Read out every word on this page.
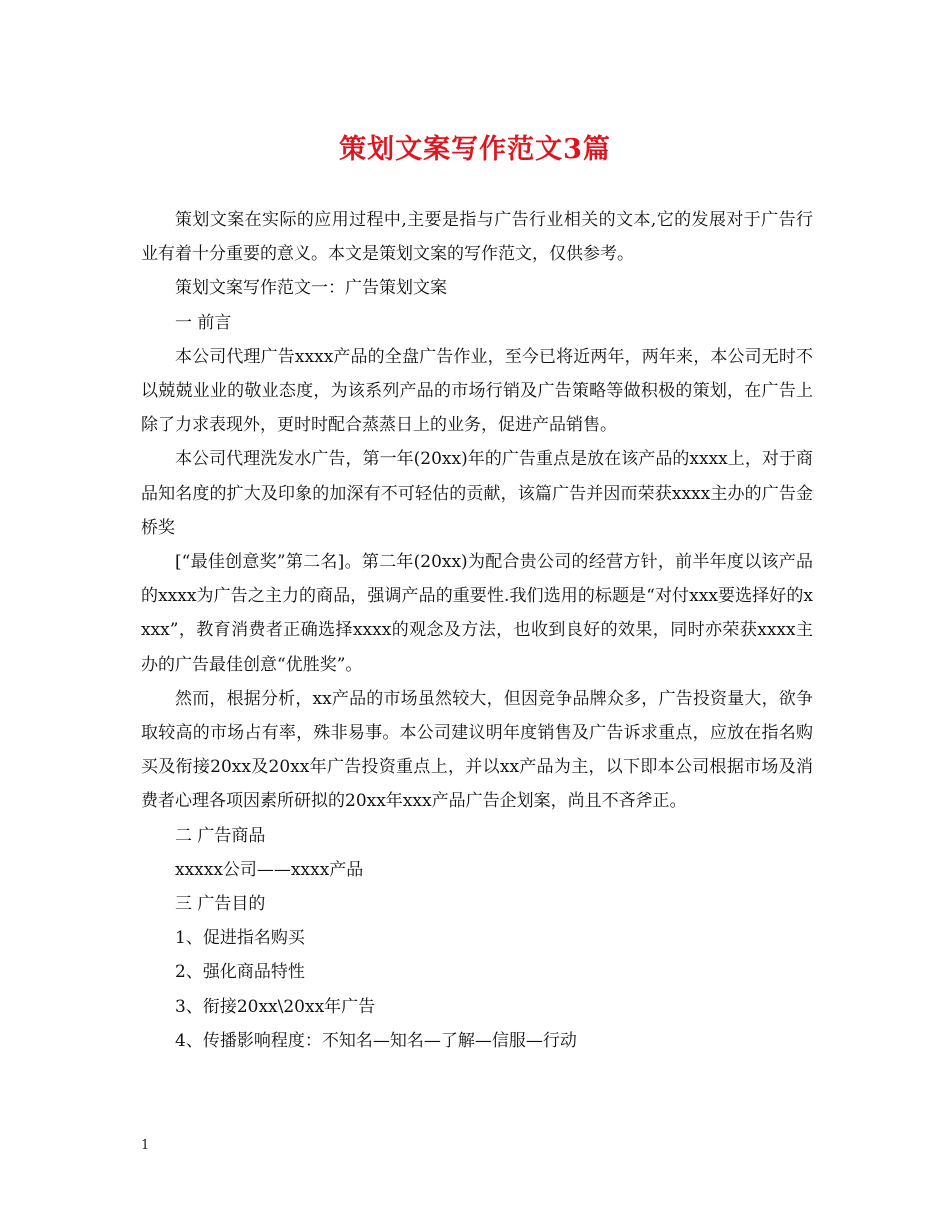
策划文案写作范文3篇

策划文案在实际的应用过程中,主要是指与广告行业相关的文本,它的发展对于广告行业有着十分重要的意义。本文是策划文案的写作范文，仅供参考。

策划文案写作范文一：广告策划文案

一 前言

本公司代理广告xxxx产品的全盘广告作业，至今已将近两年，两年来，本公司无时不以兢兢业业的敬业态度，为该系列产品的市场行销及广告策略等做积极的策划，在广告上除了力求表现外，更时时配合蒸蒸日上的业务，促进产品销售。

本公司代理洗发水广告，第一年(20xx)年的广告重点是放在该产品的xxxx上，对于商品知名度的扩大及印象的加深有不可轻估的贡献，该篇广告并因而荣获xxxx主办的广告金桥奖

[“最佳创意奖”第二名]。第二年(20xx)为配合贵公司的经营方针，前半年度以该产品的xxxx为广告之主力的商品，强调产品的重要性.我们选用的标题是“对付xxx要选择好的xxxx”，教育消费者正确选择xxxx的观念及方法，也收到良好的效果，同时亦荣获xxxx主办的广告最佳创意“优胜奖”。

然而，根据分析，xx产品的市场虽然较大，但因竞争品牌众多，广告投资量大，欲争取较高的市场占有率，殊非易事。本公司建议明年度销售及广告诉求重点，应放在指名购买及衔接20xx及20xx年广告投资重点上，并以xx产品为主，以下即本公司根据市场及消费者心理各项因素所研拟的20xx年xxx产品广告企划案，尚且不吝斧正。

二 广告商品

xxxxx公司——xxxx产品

三 广告目的

1、促进指名购买

2、强化商品特性

3、衔接20xx\20xx年广告

4、传播影响程度：不知名—知名—了解—信服—行动

1
